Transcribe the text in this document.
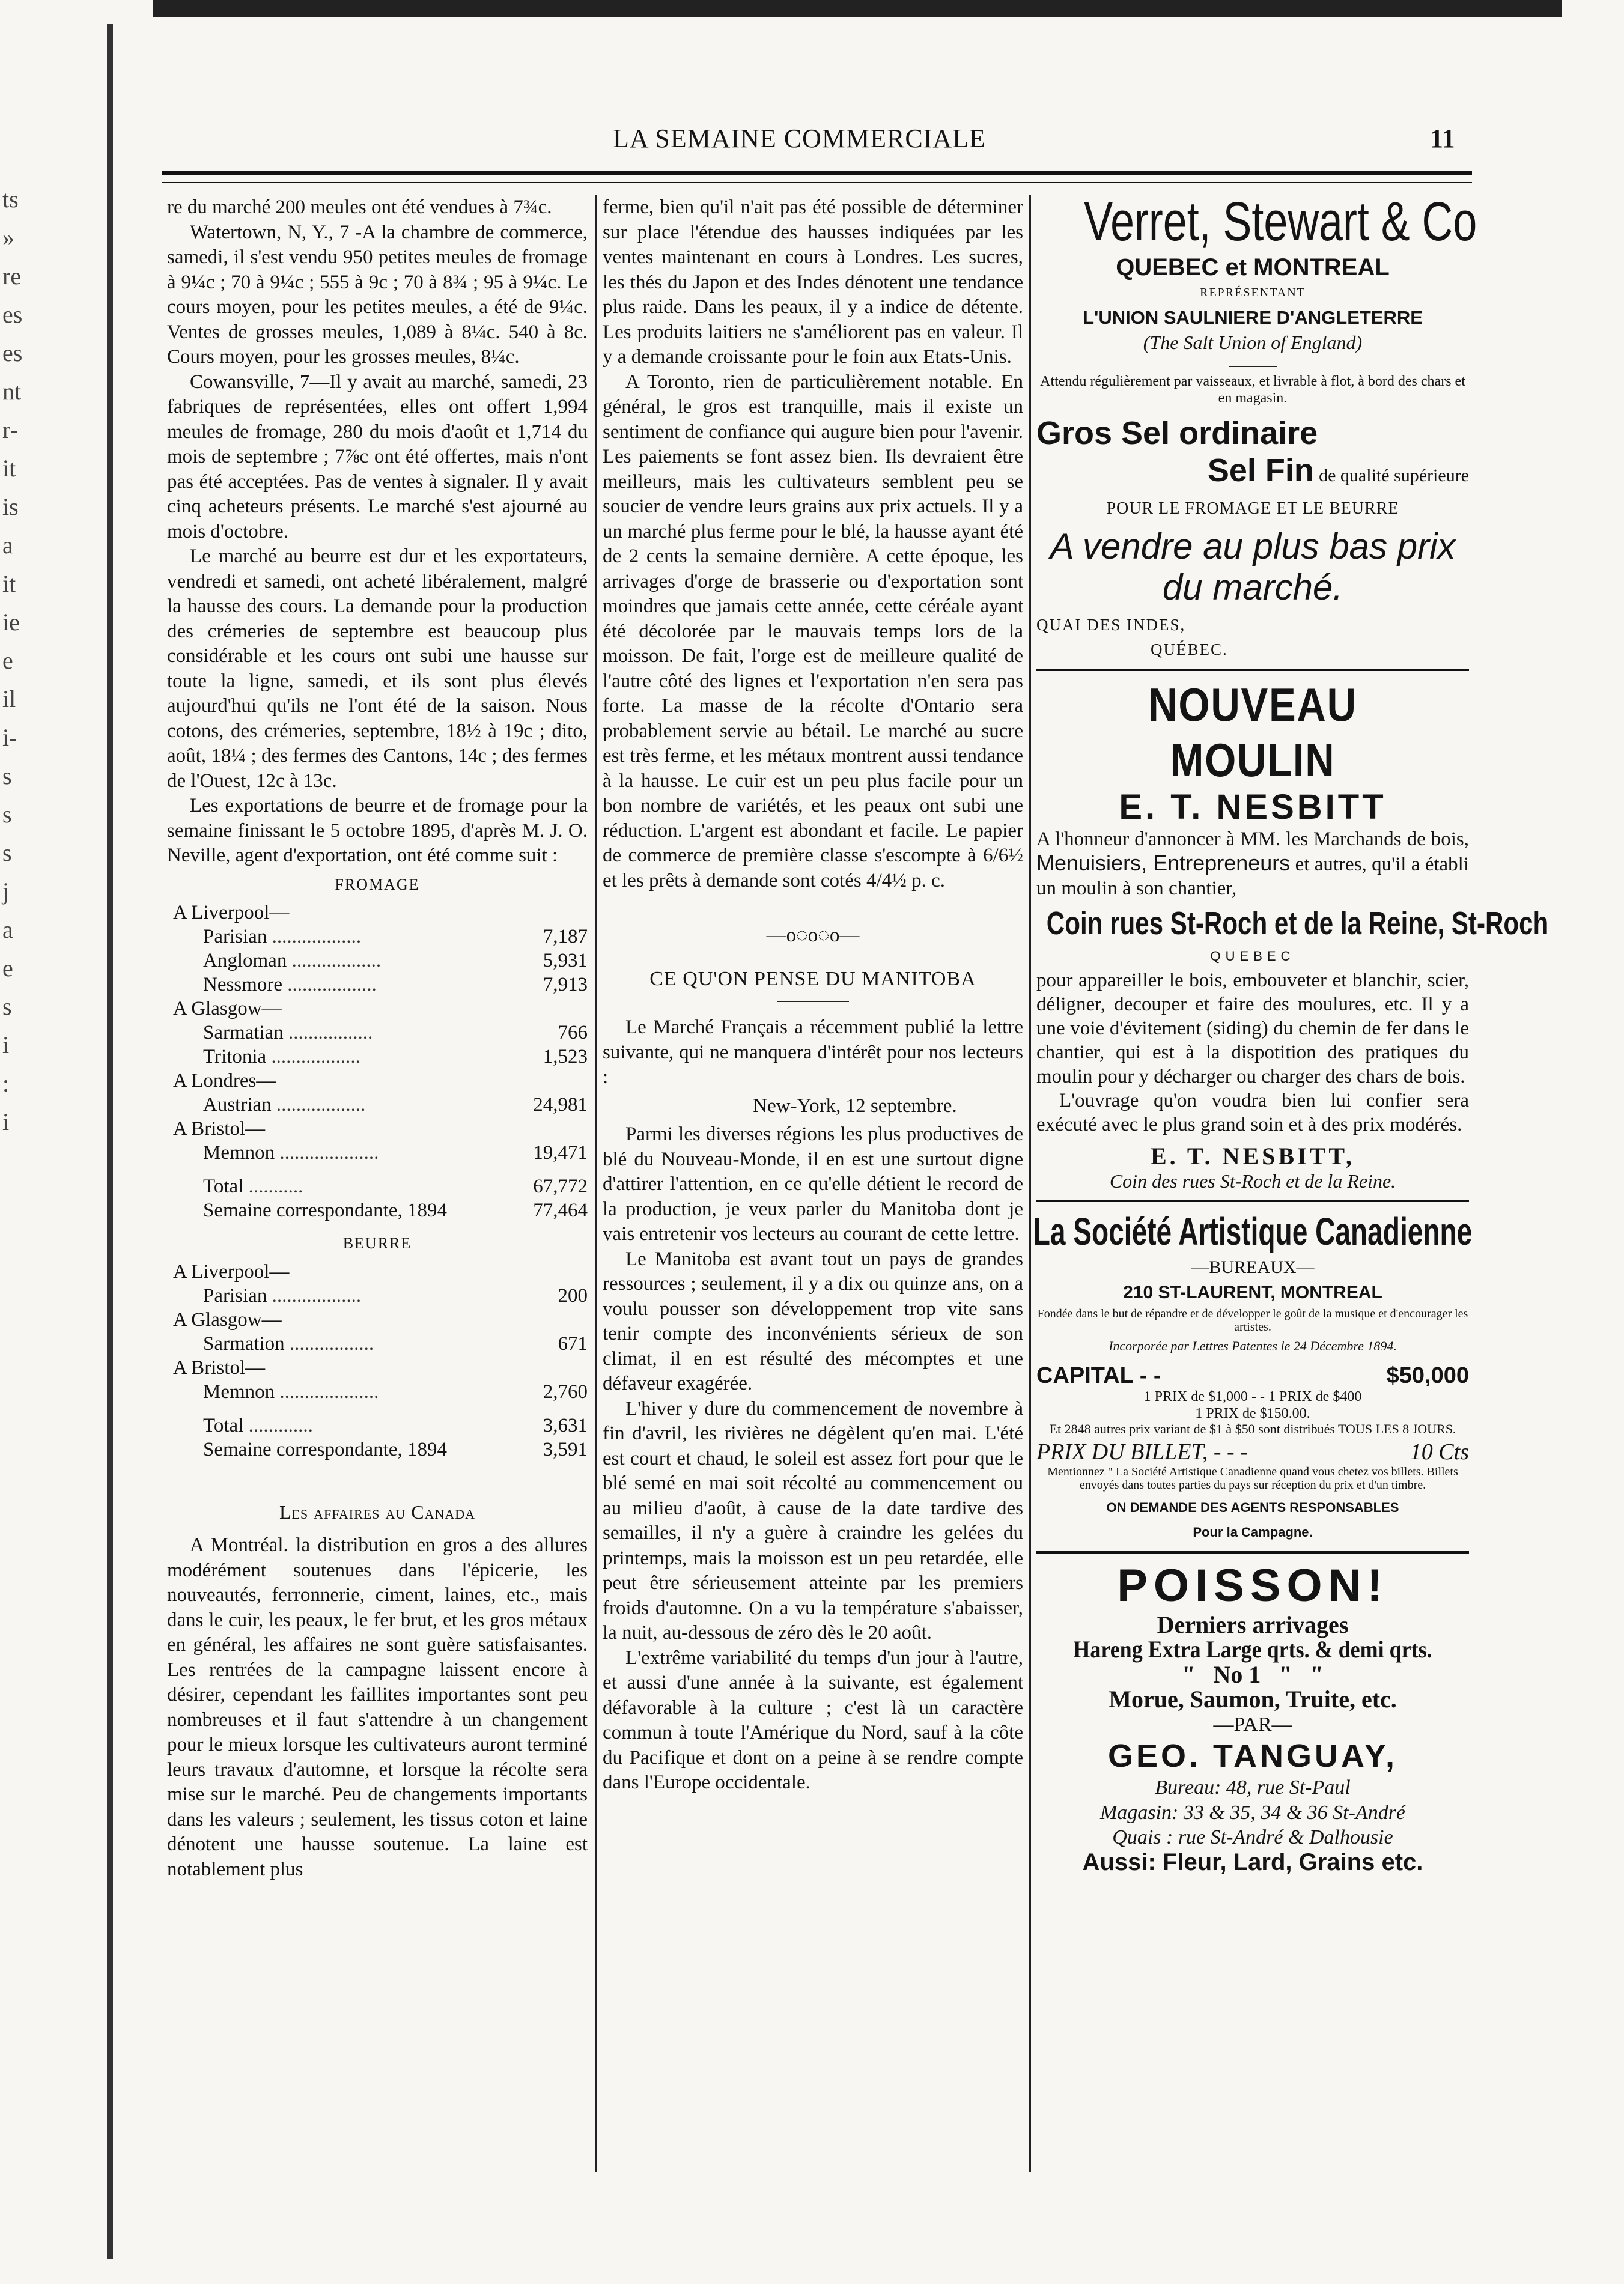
ts
»
re
es
es
nt
r-
it
is
a
it
ie
e
il
i-
s
s
s
j
a
e
s
i
:
i
LA SEMAINE COMMERCIALE	11

re du marché 200 meules ont été vendues à 7¾c.

Watertown, N, Y., 7 -A la chambre de commerce, samedi, il s'est vendu 950 petites meules de fromage à 9¼c ; 70 à 9¼c ; 555 à 9c ; 70 à 8¾ ; 95 à 9¼c. Le cours moyen, pour les petites meules, a été de 9¼c. Ventes de grosses meules, 1,089 à 8¼c. 540 à 8c. Cours moyen, pour les grosses meules, 8¼c.

Cowansville, 7—Il y avait au marché, samedi, 23 fabriques de représentées, elles ont offert 1,994 meules de fromage, 280 du mois d'août et 1,714 du mois de septembre ; 7⅞c ont été offertes, mais n'ont pas été acceptées. Pas de ventes à signaler. Il y avait cinq acheteurs présents. Le marché s'est ajourné au mois d'octobre.

Le marché au beurre est dur et les exportateurs, vendredi et samedi, ont acheté libéralement, malgré la hausse des cours. La demande pour la production des crémeries de septembre est beaucoup plus considérable et les cours ont subi une hausse sur toute la ligne, samedi, et ils sont plus élevés aujourd'hui qu'ils ne l'ont été de la saison. Nous cotons, des crémeries, septembre, 18½ à 19c ; dito, août, 18¼ ; des fermes des Cantons, 14c ; des fermes de l'Ouest, 12c à 13c.

Les exportations de beurre et de fromage pour la semaine finissant le 5 octobre 1895, d'après M. J. O. Neville, agent d'exportation, ont été comme suit :

FROMAGE
A Liverpool—	
Parisian ..................	7,187
Angloman ..................	5,931
Nessmore ..................	7,913
A Glasgow—	
Sarmatian .................	766
Tritonia ..................	1,523
A Londres—	
Austrian ..................	24,981
A Bristol—	
Memnon ....................	19,471

Total ...........	67,772
Semaine correspondante, 1894	77,464
BEURRE
A Liverpool—	
Parisian ..................	200
A Glasgow—	
Sarmation .................	671
A Bristol—	
Memnon ....................	2,760

Total .............	3,631
Semaine correspondante, 1894	3,591
Les affaires au Canada

A Montréal. la distribution en gros a des allures modérément soutenues dans l'épicerie, les nouveautés, ferronnerie, ciment, laines, etc., mais dans le cuir, les peaux, le fer brut, et les gros métaux en général, les affaires ne sont guère satisfaisantes. Les rentrées de la campagne laissent encore à désirer, cependant les faillites importantes sont peu nombreuses et il faut s'attendre à un changement pour le mieux lorsque les cultivateurs auront terminé leurs travaux d'automne, et lorsque la récolte sera mise sur le marché. Peu de changements importants dans les valeurs ; seulement, les tissus coton et laine dénotent une hausse soutenue. La laine est notablement plus

ferme, bien qu'il n'ait pas été possible de déterminer sur place l'étendue des hausses indiquées par les ventes maintenant en cours à Londres. Les sucres, les thés du Japon et des Indes dénotent une tendance plus raide. Dans les peaux, il y a indice de détente. Les produits laitiers ne s'améliorent pas en valeur. Il y a demande croissante pour le foin aux Etats-Unis.

A Toronto, rien de particulièrement notable. En général, le gros est tranquille, mais il existe un sentiment de confiance qui augure bien pour l'avenir. Les paiements se font assez bien. Ils devraient être meilleurs, mais les cultivateurs semblent peu se soucier de vendre leurs grains aux prix actuels. Il y a un marché plus ferme pour le blé, la hausse ayant été de 2 cents la semaine dernière. A cette époque, les arrivages d'orge de brasserie ou d'exportation sont moindres que jamais cette année, cette céréale ayant été décolorée par le mauvais temps lors de la moisson. De fait, l'orge est de meilleure qualité de l'autre côté des lignes et l'exportation n'en sera pas forte. La masse de la récolte d'Ontario sera probablement servie au bétail. Le marché au sucre est très ferme, et les métaux montrent aussi tendance à la hausse. Le cuir est un peu plus facile pour un bon nombre de variétés, et les peaux ont subi une réduction. L'argent est abondant et facile. Le papier de commerce de première classe s'escompte à 6/6½ et les prêts à demande sont cotés 4/4½ p. c.

—o◌o◌o—
CE QU'ON PENSE DU MANITOBA

Le Marché Français a récemment publié la lettre suivante, qui ne manquera d'intérêt pour nos lecteurs :

New-York, 12 septembre.

Parmi les diverses régions les plus productives de blé du Nouveau-Monde, il en est une surtout digne d'attirer l'attention, en ce qu'elle détient le record de la production, je veux parler du Manitoba dont je vais entretenir vos lecteurs au courant de cette lettre.

Le Manitoba est avant tout un pays de grandes ressources ; seulement, il y a dix ou quinze ans, on a voulu pousser son développement trop vite sans tenir compte des inconvénients sérieux de son climat, il en est résulté des mécomptes et une défaveur exagérée.

L'hiver y dure du commencement de novembre à fin d'avril, les rivières ne dégèlent qu'en mai. L'été est court et chaud, le soleil est assez fort pour que le blé semé en mai soit récolté au commencement ou au milieu d'août, à cause de la date tardive des semailles, il n'y a guère à craindre les gelées du printemps, mais la moisson est un peu retardée, elle peut être sérieusement atteinte par les premiers froids d'automne. On a vu la température s'abaisser, la nuit, au-dessous de zéro dès le 20 août.

L'extrême variabilité du temps d'un jour à l'autre, et aussi d'une année à la suivante, est également défavorable à la culture ; c'est là un caractère commun à toute l'Amérique du Nord, sauf à la côte du Pacifique et dont on a peine à se rendre compte dans l'Europe occidentale.

Verret, Stewart & Co
QUEBEC et MONTREAL
REPRÉSENTANT
L'UNION SAULNIERE D'ANGLETERRE
(The Salt Union of England)
Attendu régulièrement par vaisseaux, et livrable à flot, à bord des chars et en magasin.
Gros Sel ordinaire
Sel Fin de qualité supérieure
POUR LE FROMAGE ET LE BEURRE
A vendre au plus bas prix du marché.
QUAI DES INDES,
QUÉBEC.
NOUVEAU MOULIN
E. T. NESBITT
A l'honneur d'annoncer à MM. les Marchands de bois, Menuisiers, Entrepreneurs et autres, qu'il a établi un moulin à son chantier,
Coin rues St-Roch et de la Reine, St-Roch
QUEBEC
pour appareiller le bois, embouveter et blanchir, scier, déligner, decouper et faire des moulures, etc. Il y a une voie d'évitement (siding) du chemin de fer dans le chantier, qui est à la dispotition des pratiques du moulin pour y décharger ou charger des chars de bois.
L'ouvrage qu'on voudra bien lui confier sera exécuté avec le plus grand soin et à des prix modérés.
E. T. NESBITT,
Coin des rues St-Roch et de la Reine.
La Société Artistique Canadienne
—BUREAUX—
210 ST-LAURENT, MONTREAL
Fondée dans le but de répandre et de développer le goût de la musique et d'encourager les artistes.
Incorporée par Lettres Patentes le 24 Décembre 1894.
CAPITAL - -	$50,000
1 PRIX de $1,000 - - 1 PRIX de $400
1 PRIX de $150.00.
Et 2848 autres prix variant de $1 à $50 sont distribués TOUS LES 8 JOURS.
PRIX DU BILLET, - - -	10 Cts
Mentionnez " La Société Artistique Canadienne quand vous chetez vos billets. Billets envoyés dans toutes parties du pays sur réception du prix et d'un timbre.
ON DEMANDE DES AGENTS RESPONSABLES
Pour la Campagne.
POISSON!
Derniers arrivages
Hareng Extra Large qrts. & demi qrts.
"   No 1   "   "
Morue, Saumon, Truite, etc.
—PAR—
GEO. TANGUAY,
Bureau: 48, rue St-Paul
Magasin: 33 & 35, 34 & 36 St-André
Quais : rue St-André & Dalhousie
Aussi: Fleur, Lard, Grains etc.
